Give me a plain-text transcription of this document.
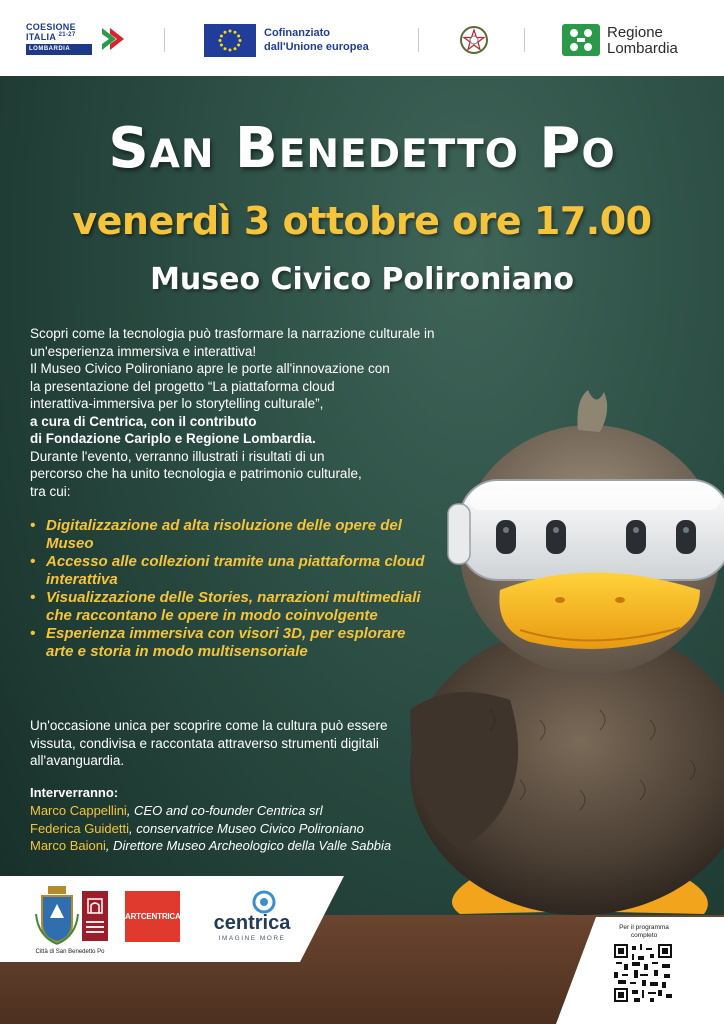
COESIONE
ITALIA $^{21-27}$
LOMBARDIA
Cofinanziato
dall'Unione europea
Regione
Lombardia
San Benedetto Po
venerdì 3 ottobre ore 17.00
Museo Civico Polironiano
Scopri come la tecnologia può trasformare la narrazione culturale in
un'esperienza immersiva e interattiva!
Il Museo Civico Polironiano apre le porte all'innovazione con
la presentazione del progetto “La piattaforma cloud
interattiva-immersiva per lo storytelling culturale”,
a cura di Centrica, con il contributo
di Fondazione Cariplo e Regione Lombardia.
Durante l'evento, verranno illustrati i risultati di un
percorso che ha unito tecnologia e patrimonio culturale,
tra cui:
• Digitalizzazione ad alta risoluzione delle opere del Museo
• Accesso alle collezioni tramite una piattaforma cloud interattiva
• Visualizzazione delle Stories, narrazioni multimediali che raccontano le opere in modo coinvolgente
• Esperienza immersiva con visori 3D, per esplorare arte e storia in modo multisensoriale
Un'occasione unica per scoprire come la cultura può essere vissuta, condivisa e raccontata attraverso strumenti digitali all'avanguardia.
Interverranno:
Marco Cappellini, CEO and co-founder Centrica srl
Federica Guidetti, conservatrice Museo Civico Polironiano
Marco Baioni, Direttore Museo Archeologico della Valle Sabbia
Città di San Benedetto Po
ARTCENTRICA	centrica
IMAGINE MORE
Per il programma completo
